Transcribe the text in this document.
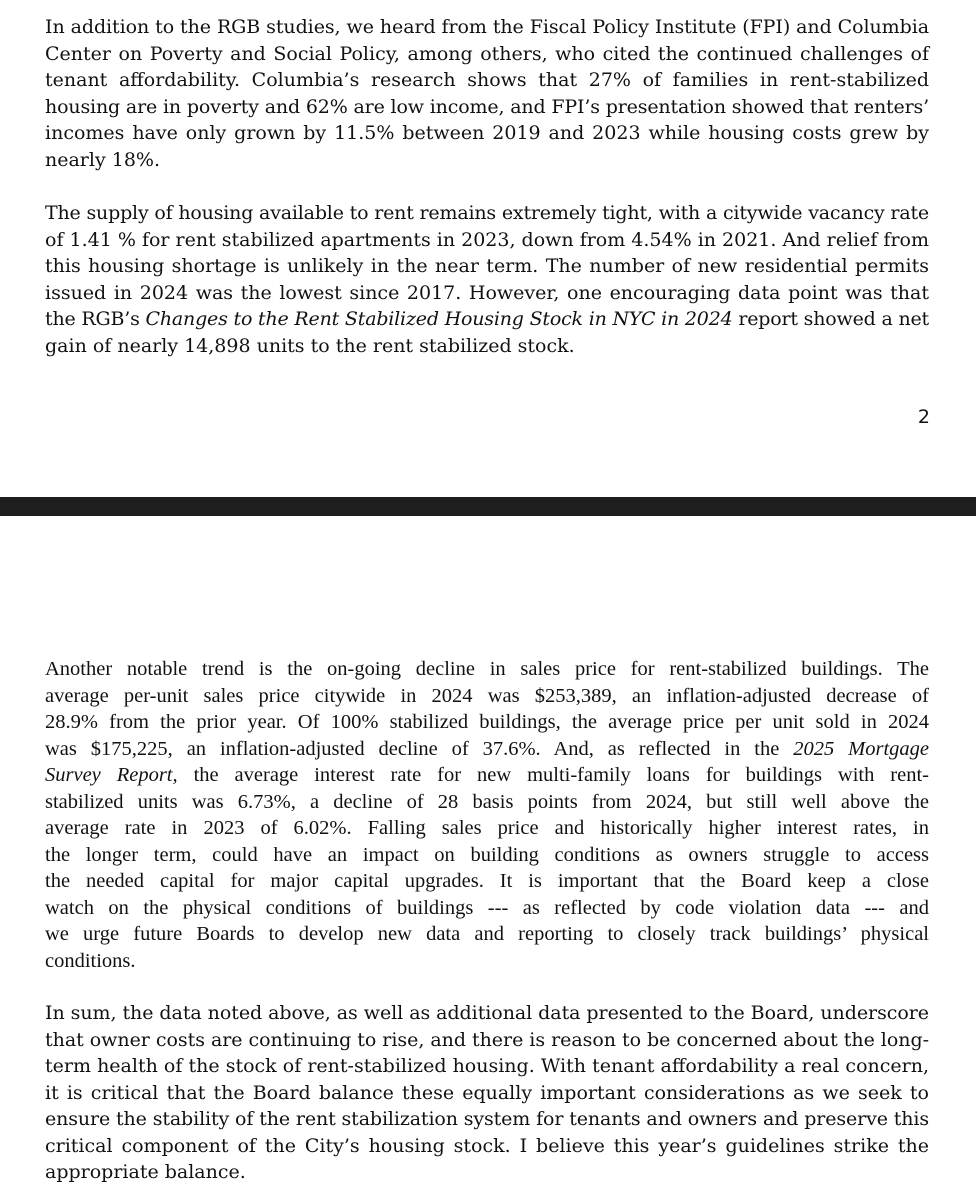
In addition to the RGB studies, we heard from the Fiscal Policy Institute (FPI) and Columbia
Center on Poverty and Social Policy, among others, who cited the continued challenges of
tenant affordability. Columbia’s research shows that 27% of families in rent-stabilized
housing are in poverty and 62% are low income, and FPI’s presentation showed that renters’
incomes have only grown by 11.5% between 2019 and 2023 while housing costs grew by
nearly 18%.

The supply of housing available to rent remains extremely tight, with a citywide vacancy rate
of 1.41 % for rent stabilized apartments in 2023, down from 4.54% in 2021. And relief from
this housing shortage is unlikely in the near term. The number of new residential permits
issued in 2024 was the lowest since 2017. However, one encouraging data point was that
the RGB’s Changes to the Rent Stabilized Housing Stock in NYC in 2024 report showed a net
gain of nearly 14,898 units to the rent stabilized stock.

2

Another notable trend is the on-going decline in sales price for rent-stabilized buildings. The
average per-unit sales price citywide in 2024 was $253,389, an inflation-adjusted decrease of
28.9% from the prior year. Of 100% stabilized buildings, the average price per unit sold in 2024
was $175,225, an inflation-adjusted decline of 37.6%. And, as reflected in the 2025 Mortgage
Survey Report, the average interest rate for new multi-family loans for buildings with rent-
stabilized units was 6.73%, a decline of 28 basis points from 2024, but still well above the
average rate in 2023 of 6.02%. Falling sales price and historically higher interest rates, in
the longer term, could have an impact on building conditions as owners struggle to access
the needed capital for major capital upgrades. It is important that the Board keep a close
watch on the physical conditions of buildings --- as reflected by code violation data --- and
we urge future Boards to develop new data and reporting to closely track buildings’ physical
conditions.

In sum, the data noted above, as well as additional data presented to the Board, underscore
that owner costs are continuing to rise, and there is reason to be concerned about the long-
term health of the stock of rent-stabilized housing. With tenant affordability a real concern,
it is critical that the Board balance these equally important considerations as we seek to
ensure the stability of the rent stabilization system for tenants and owners and preserve this
critical component of the City’s housing stock. I believe this year’s guidelines strike the
appropriate balance.
